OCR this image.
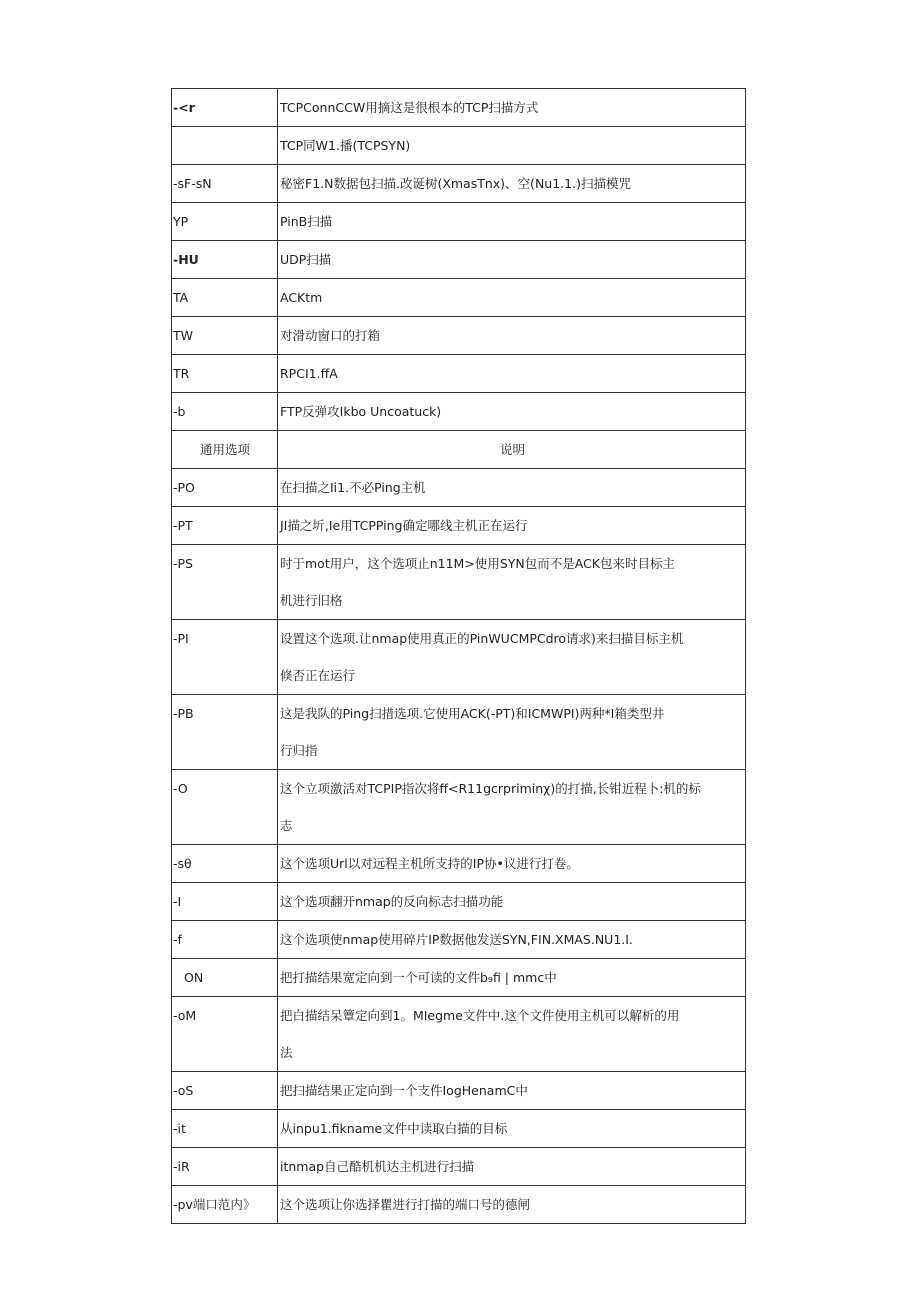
-<r	TCPConnCCW用摘这是很根本的TCP扫描方式
	TCP同W1.播(TCPSYN)
-sF-sN	秘密F1.N数据包扫描.改诞树(XmasTnx)、空(Nu1.1.)扫描模咒
YP	PinB扫描
-HU	UDP扫描
TA	ACKtm
TW	对滑动窗口的打箱
TR	RPCI1.ffA
-b	FTP反弹攻Ikbo Uncoatuck)
通用选项	说明
-PO	在扫描之Ii1.不必Ping主机
-PT	JI描之圻,Ie用TCPPing确定哪线主机正在运行
-PS	时于mot用户，这个选项止n11M>使用SYN包而不是ACK包来时目标主
机进行旧格

-PI	设置这个选项.让nmap使用真正的PinWUCMPCdro请求)来扫描目标主机
倏否正在运行

-PB	这是我队的Ping扫措选项.它使用ACK(-PT)和ICMWPI)两种*I箱类型井
行归指

-O	这个立项激活对TCPIP指次将ff<R11gcrpriminχ)的打描,长钳近程卜:机的标
志

-sθ	这个选项Url以对远程主机所支持的IP协•议进行打卷。
-I	这个选项翻开nmap的反向标志扫描功能
-f	这个选项使nmap使用碎片IP数据他发送SYN,FIN.XMAS.NU1.I.
ON	把打描结果宽定向到一个可读的文件b₉fi | mmc中
-oM	把白描结呆簟定向到1。MIegme文件中.这个文件使用主机可以解析的用
法

-oS	把扫描结果正定向到一个支件IogHenamC中
-it	从inpu1.fikname文件中读取白描的目标
-iR	itnmap自己酷机机达主机进行扫描
-pv端口范内》	这个选项让你选择瞿进行打描的端口号的德闸
